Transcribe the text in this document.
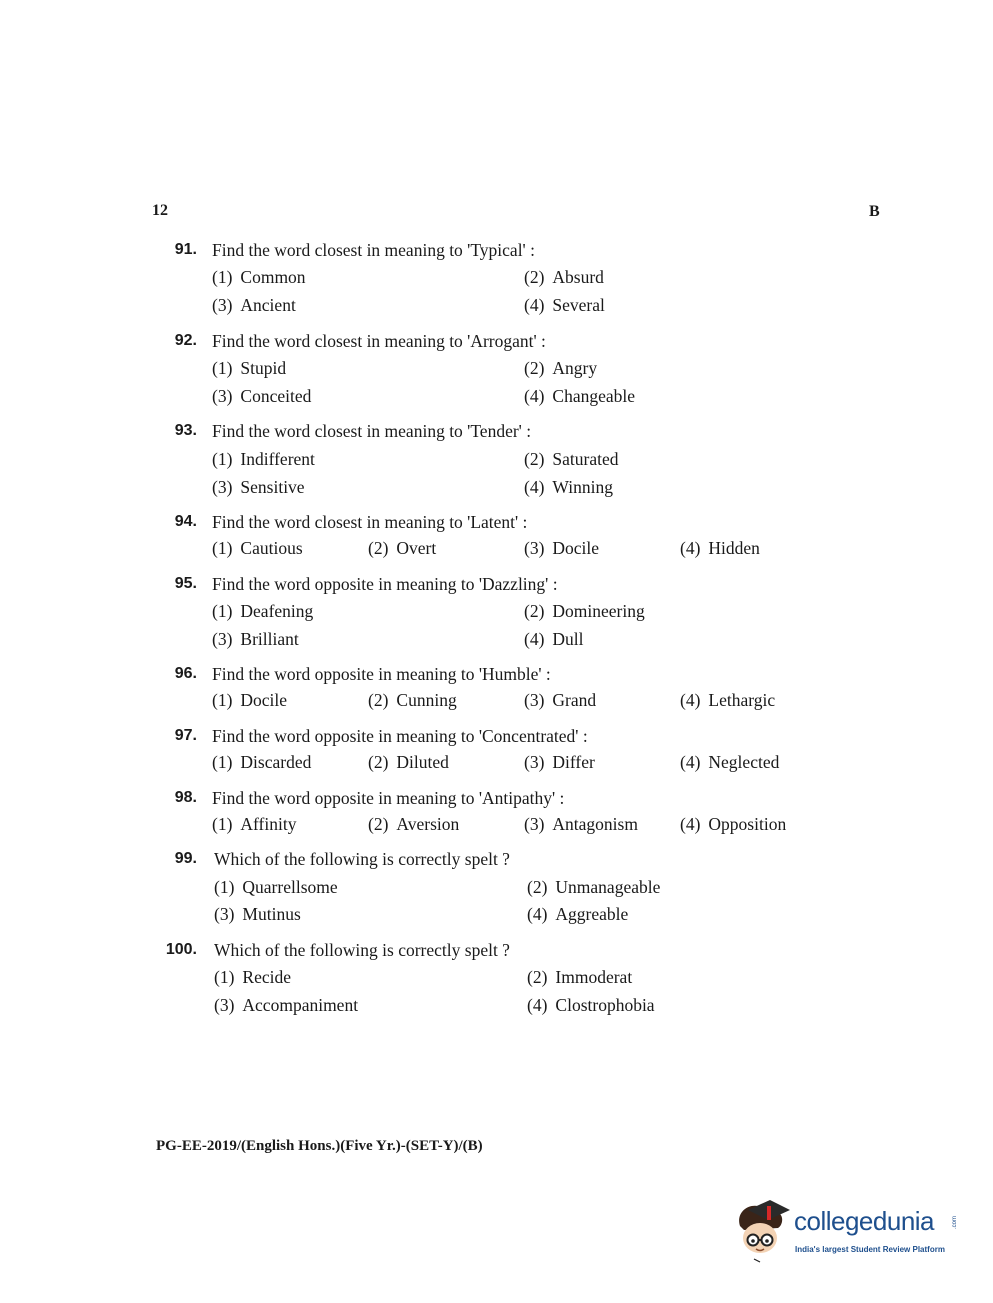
12	B
91. Find the word closest in meaning to 'Typical' :
(1) Common	(2) Absurd
(3) Ancient	(4) Several
92. Find the word closest in meaning to 'Arrogant' :
(1) Stupid	(2) Angry
(3) Conceited	(4) Changeable
93. Find the word closest in meaning to 'Tender' :
(1) Indifferent	(2) Saturated
(3) Sensitive	(4) Winning
94. Find the word closest in meaning to 'Latent' :
(1) Cautious	(2) Overt	(3) Docile	(4) Hidden
95. Find the word opposite in meaning to 'Dazzling' :
(1) Deafening	(2) Domineering
(3) Brilliant	(4) Dull
96. Find the word opposite in meaning to 'Humble' :
(1) Docile	(2) Cunning	(3) Grand	(4) Lethargic
97. Find the word opposite in meaning to 'Concentrated' :
(1) Discarded	(2) Diluted	(3) Differ	(4) Neglected
98. Find the word opposite in meaning to 'Antipathy' :
(1) Affinity	(2) Aversion	(3) Antagonism (4) Opposition
99. Which of the following is correctly spelt ?
(1) Quarrellsome	(2) Unmanageable
(3) Mutinus	(4) Aggreable
100. Which of the following is correctly spelt ?
(1) Recide	(2) Immoderat
(3) Accompaniment	(4) Clostrophobia
PG-EE-2019/(English Hons.)(Five Yr.)-(SET-Y)/(B)
collegedunia	.com
India's largest Student Review Platform
